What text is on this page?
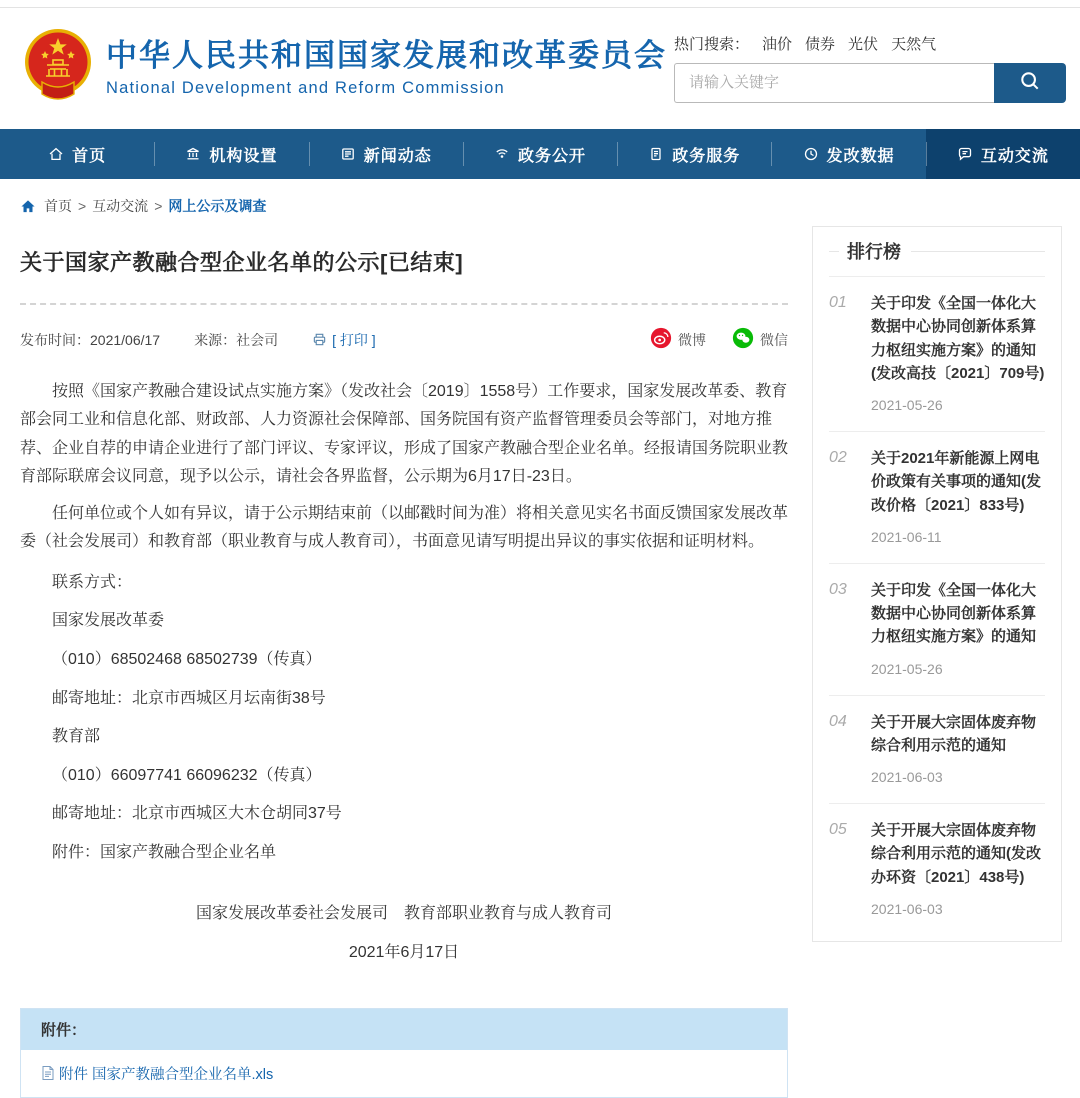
中华人民共和国国家发展和改革委员会
National Development and Reform Commission
热门搜索： 油价 债券 光伏 天然气
请输入关键字
首页	机构设置	新闻动态	政务公开	政务服务	发改数据	互动交流
首页 > 互动交流 > 网上公示及调查
关于国家产教融合型企业名单的公示[已结束]
发布时间：2021/06/17 来源：社会司	[ 打印 ]	微博	微信

按照《国家产教融合建设试点实施方案》（发改社会〔2019〕1558号）工作要求，国家发展改革委、教育部会同工业和信息化部、财政部、人力资源社会保障部、国务院国有资产监督管理委员会等部门，对地方推荐、企业自荐的申请企业进行了部门评议、专家评议，形成了国家产教融合型企业名单。经报请国务院职业教育部际联席会议同意，现予以公示，请社会各界监督，公示期为6月17日-23日。

任何单位或个人如有异议，请于公示期结束前（以邮戳时间为准）将相关意见实名书面反馈国家发展改革委（社会发展司）和教育部（职业教育与成人教育司），书面意见请写明提出异议的事实依据和证明材料。

联系方式：

国家发展改革委

（010）68502468 68502739（传真）

邮寄地址：北京市西城区月坛南街38号

教育部

（010）66097741 66096232（传真）

邮寄地址：北京市西城区大木仓胡同37号

附件：国家产教融合型企业名单

国家发展改革委社会发展司　教育部职业教育与成人教育司

2021年6月17日

附件：
附件 国家产教融合型企业名单.xls
排行榜
01	关于印发《全国一体化大数据中心协同创新体系算力枢纽实施方案》的通知(发改高技〔2021〕709号)
2021-05-26
02	关于2021年新能源上网电价政策有关事项的通知(发改价格〔2021〕833号)
2021-06-11
03	关于印发《全国一体化大数据中心协同创新体系算力枢纽实施方案》的通知
2021-05-26
04	关于开展大宗固体废弃物综合利用示范的通知
2021-06-03
05	关于开展大宗固体废弃物综合利用示范的通知(发改办环资〔2021〕438号)
2021-06-03
